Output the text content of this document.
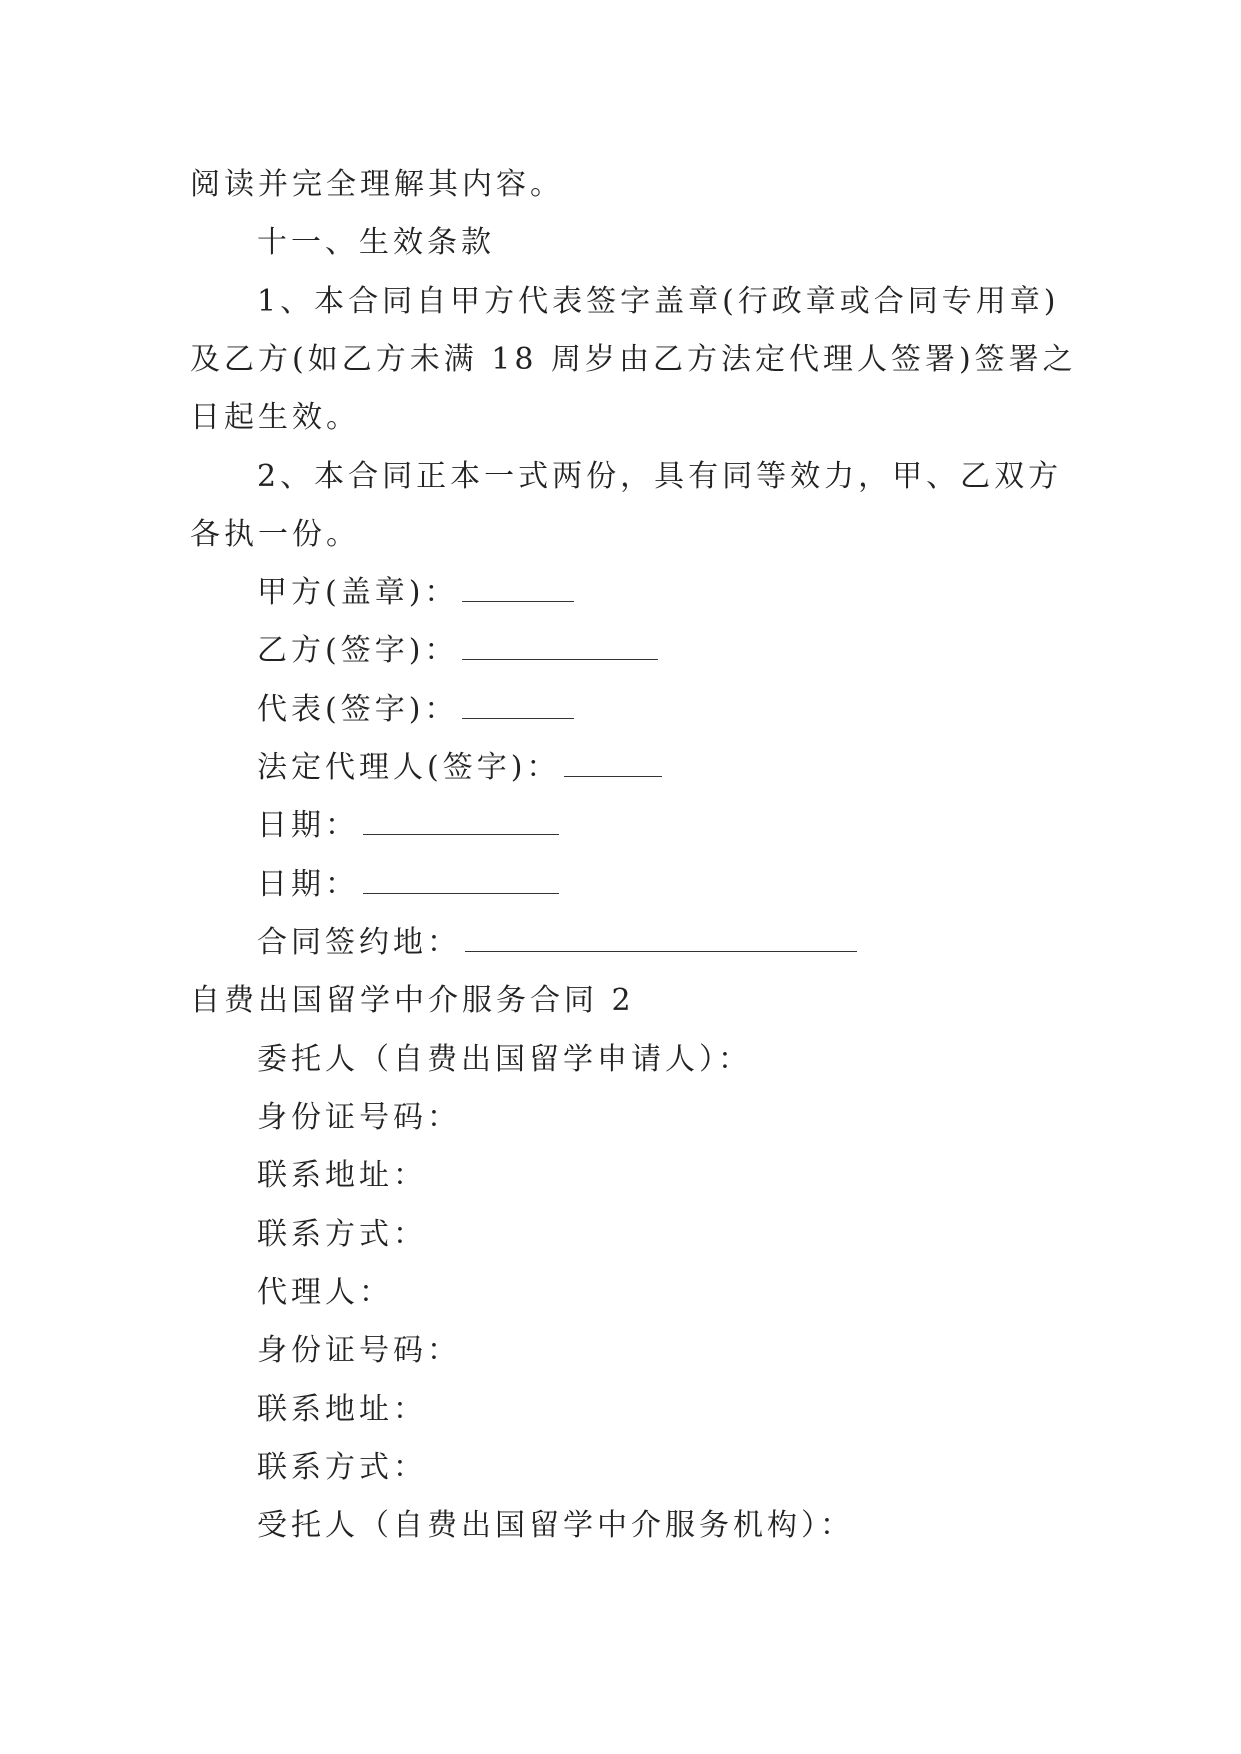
阅读并完全理解其内容。
十一、生效条款
1、本合同自甲方代表签字盖章(行政章或合同专用章)
及乙方(如乙方未满 18 周岁由乙方法定代理人签署)签署之
日起生效。
2、本合同正本一式两份，具有同等效力，甲、乙双方
各执一份。
甲方(盖章)：
乙方(签字)：
代表(签字)：
法定代理人(签字)：
日期：
日期：
合同签约地：
自费出国留学中介服务合同 2
委托人（自费出国留学申请人）：
身份证号码：
联系地址：
联系方式：
代理人：
身份证号码：
联系地址：
联系方式：
受托人（自费出国留学中介服务机构）：
